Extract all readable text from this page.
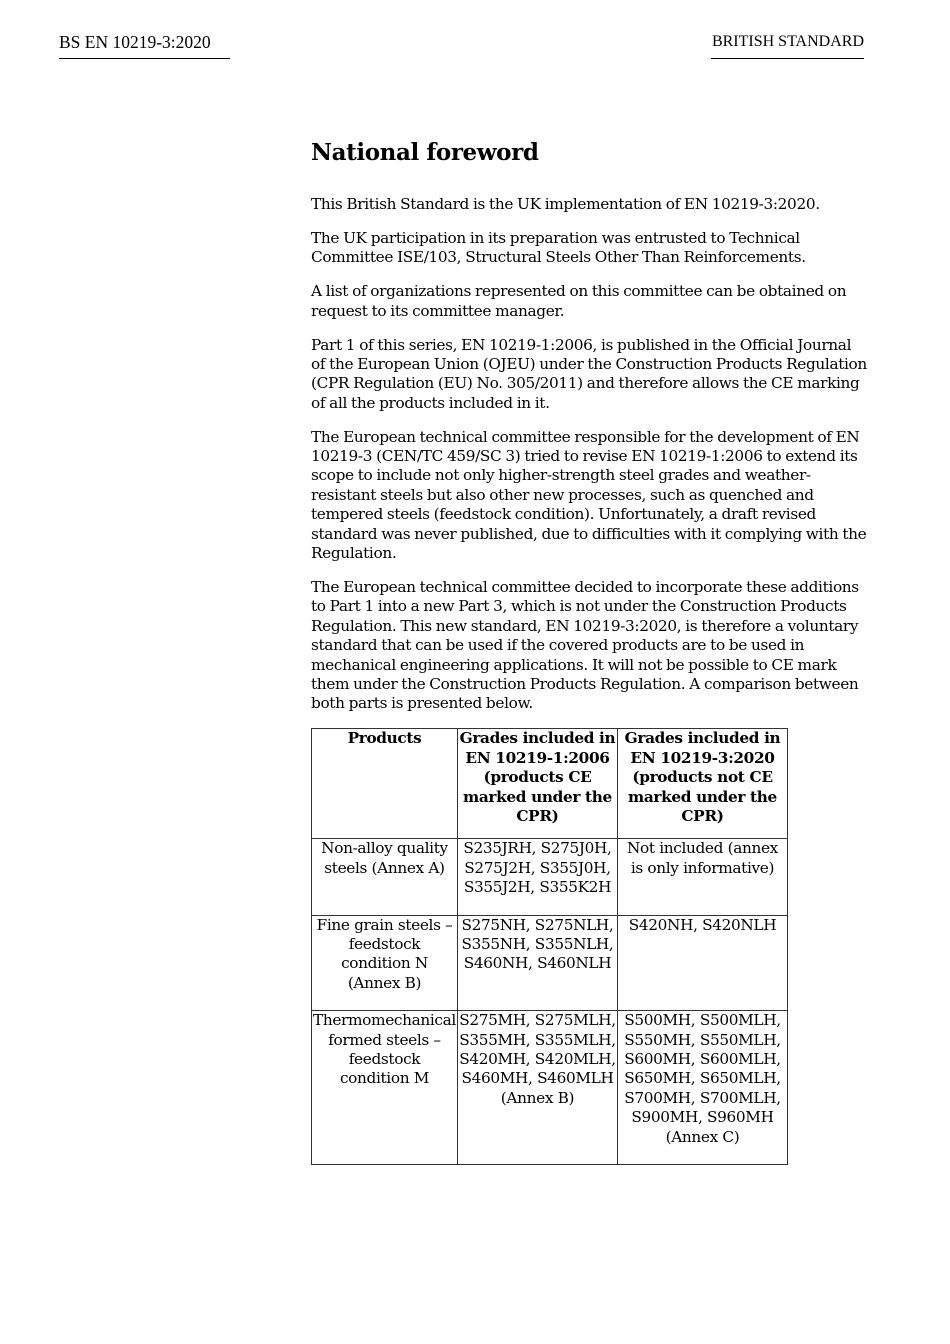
BS EN 10219-3:2020	BRITISH STANDARD
National foreword

This British Standard is the UK implementation of EN 10219-3:2020.

The UK participation in its preparation was entrusted to Technical Committee ISE/103, Structural Steels Other Than Reinforcements.

A list of organizations represented on this committee can be obtained on request to its committee manager.

Part 1 of this series, EN 10219-1:2006, is published in the Official Journal of the European Union (OJEU) under the Construction Products Regulation (CPR Regulation (EU) No. 305/2011) and therefore allows the CE marking of all the products included in it.

The European technical committee responsible for the development of EN 10219-3 (CEN/TC 459/SC 3) tried to revise EN 10219-1:2006 to extend its scope to include not only higher-strength steel grades and weather-resistant steels but also other new processes, such as quenched and tempered steels (feedstock condition). Unfortunately, a draft revised standard was never published, due to difficulties with it complying with the Regulation.

The European technical committee decided to incorporate these additions to Part 1 into a new Part 3, which is not under the Construction Products Regulation. This new standard, EN 10219-3:2020, is therefore a voluntary standard that can be used if the covered products are to be used in mechanical engineering applications. It will not be possible to CE mark them under the Construction Products Regulation. A comparison between both parts is presented below.

Products	Grades included in EN 10219-1:2006 (products CE marked under the CPR)	Grades included in EN 10219-3:2020 (products not CE marked under the CPR)
Non-alloy quality steels (Annex A)	S235JRH, S275J0H, S275J2H, S355J0H, S355J2H, S355K2H	Not included (annex is only informative)
Fine grain steels – feedstock condition N (Annex B)	S275NH, S275NLH, S355NH, S355NLH, S460NH, S460NLH	S420NH, S420NLH
Thermomechanical formed steels – feedstock condition M	S275MH, S275MLH, S355MH, S355MLH, S420MH, S420MLH, S460MH, S460MLH (Annex B)	S500MH, S500MLH, S550MH, S550MLH, S600MH, S600MLH, S650MH, S650MLH, S700MH, S700MLH, S900MH, S960MH (Annex C)
